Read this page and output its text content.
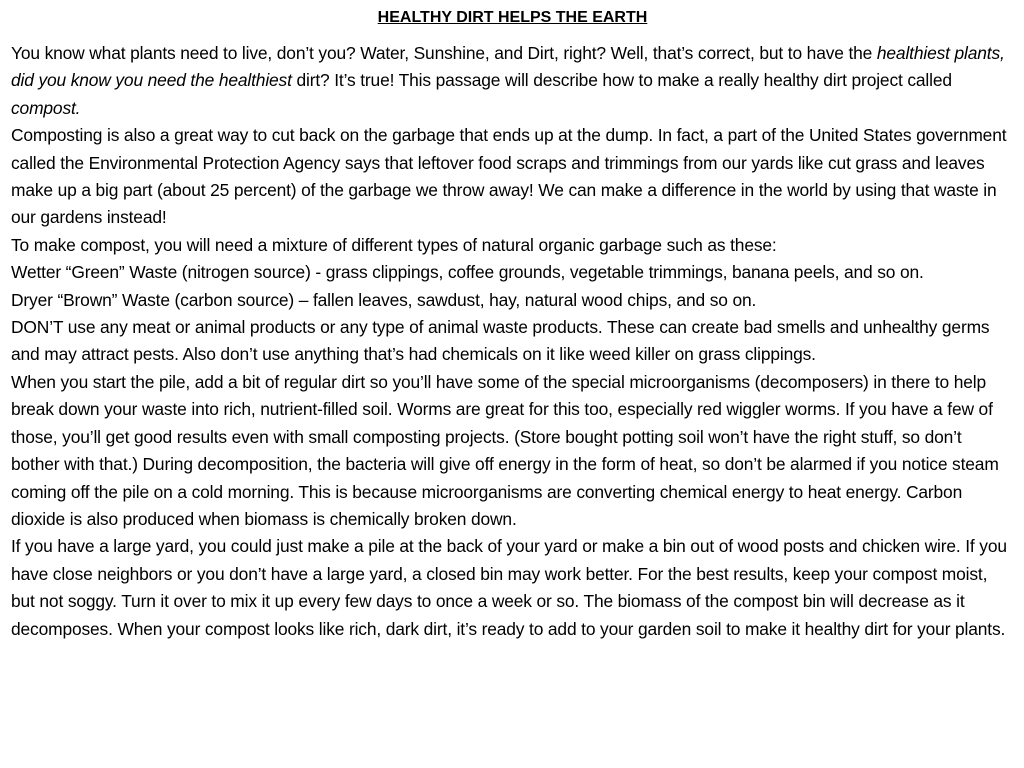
HEALTHY DIRT HELPS THE EARTH

You know what plants need to live, don’t you? Water, Sunshine, and Dirt, right? Well, that’s correct, but to have the healthiest plants, did you know you need the healthiest dirt? It’s true! This passage will describe how to make a really healthy dirt project called compost.

Composting is also a great way to cut back on the garbage that ends up at the dump. In fact, a part of the United States government called the Environmental Protection Agency says that leftover food scraps and trimmings from our yards like cut grass and leaves make up a big part (about 25 percent) of the garbage we throw away! We can make a difference in the world by using that waste in our gardens instead!

To make compost, you will need a mixture of different types of natural organic garbage such as these:

Wetter “Green” Waste (nitrogen source) - grass clippings, coffee grounds, vegetable trimmings, banana peels, and so on.

Dryer “Brown” Waste (carbon source) – fallen leaves, sawdust, hay, natural wood chips, and so on.

DON’T use any meat or animal products or any type of animal waste products. These can create bad smells and unhealthy germs and may attract pests. Also don’t use anything that’s had chemicals on it like weed killer on grass clippings.

When you start the pile, add a bit of regular dirt so you’ll have some of the special microorganisms (decomposers) in there to help break down your waste into rich, nutrient-filled soil. Worms are great for this too, especially red wiggler worms. If you have a few of those, you’ll get good results even with small composting projects. (Store bought potting soil won’t have the right stuff, so don’t bother with that.) During decomposition, the bacteria will give off energy in the form of heat, so don’t be alarmed if you notice steam coming off the pile on a cold morning. This is because microorganisms are converting chemical energy to heat energy. Carbon dioxide is also produced when biomass is chemically broken down.

If you have a large yard, you could just make a pile at the back of your yard or make a bin out of wood posts and chicken wire. If you have close neighbors or you don’t have a large yard, a closed bin may work better. For the best results, keep your compost moist, but not soggy. Turn it over to mix it up every few days to once a week or so. The biomass of the compost bin will decrease as it decomposes. When your compost looks like rich, dark dirt, it’s ready to add to your garden soil to make it healthy dirt for your plants.
